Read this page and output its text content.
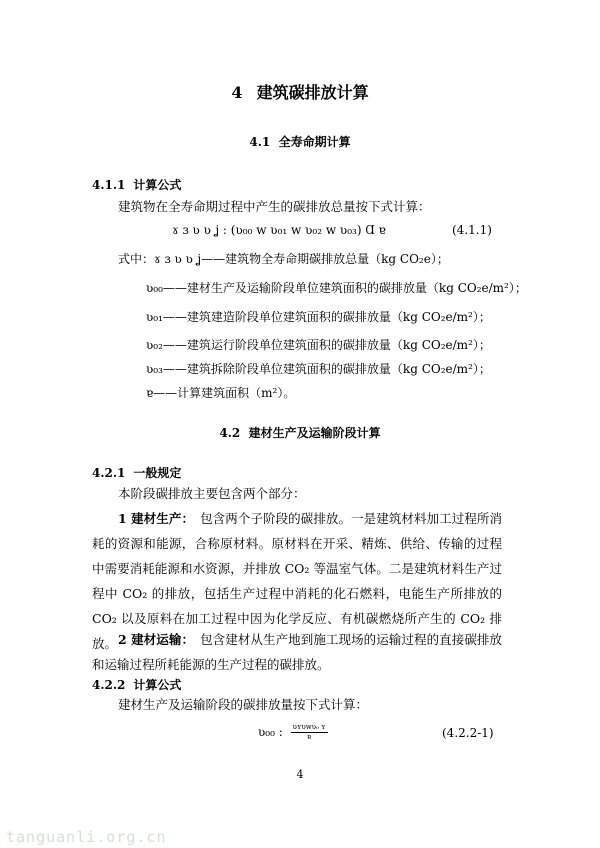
4 建筑碳排放计算
4.1 全寿命期计算
4.1.1 计算公式
建筑物在全寿命期过程中产生的碳排放总量按下式计算：
ɤ ɜ ʋ ʋ ʝ : (ʋ₀₀ ᴡ ʋ₀₁ ᴡ ʋ₀₂ ᴡ ʋ₀₃) Ɑ ɐ	(4.1.1)
式中：ɤ ɜ ʋ ʋ ʝ——建筑物全寿命期碳排放总量（kg CO₂e）；
ʋ₀₀——建材生产及运输阶段单位建筑面积的碳排放量（kg CO₂e/m²）；
ʋ₀₁——建筑建造阶段单位建筑面积的碳排放量（kg CO₂e/m²）；
ʋ₀₂——建筑运行阶段单位建筑面积的碳排放量（kg CO₂e/m²）；
ʋ₀₃——建筑拆除阶段单位建筑面积的碳排放量（kg CO₂e/m²）；
ɐ——计算建筑面积（m²）。
4.2 建材生产及运输阶段计算
4.2.1 一般规定
本阶段碳排放主要包含两个部分：
1 建材生产： 包含两个子阶段的碳排放。一是建筑材料加工过程所消耗的资源和能源，合称原材料。原材料在开采、精炼、供给、传输的过程中需要消耗能源和水资源，并排放 CO₂ 等温室气体。二是建筑材料生产过程中 CO₂ 的排放，包括生产过程中消耗的化石燃料，电能生产所排放的 CO₂ 以及原料在加工过程中因为化学反应、有机碳燃烧所产生的 CO₂ 排放。 2 建材运输： 包含建材从生产地到施工现场的运输过程的直接碳排放和运输过程所耗能源的生产过程的碳排放。
4.2.2 计算公式
建材生产及运输阶段的碳排放量按下式计算：
ʋ₀₀ : $\frac{\text{ʋʏʋᴡʋ₀ ʏ}}{\text{ɐ}}$	(4.2.2-1)
4
tanguanli.org.cn
